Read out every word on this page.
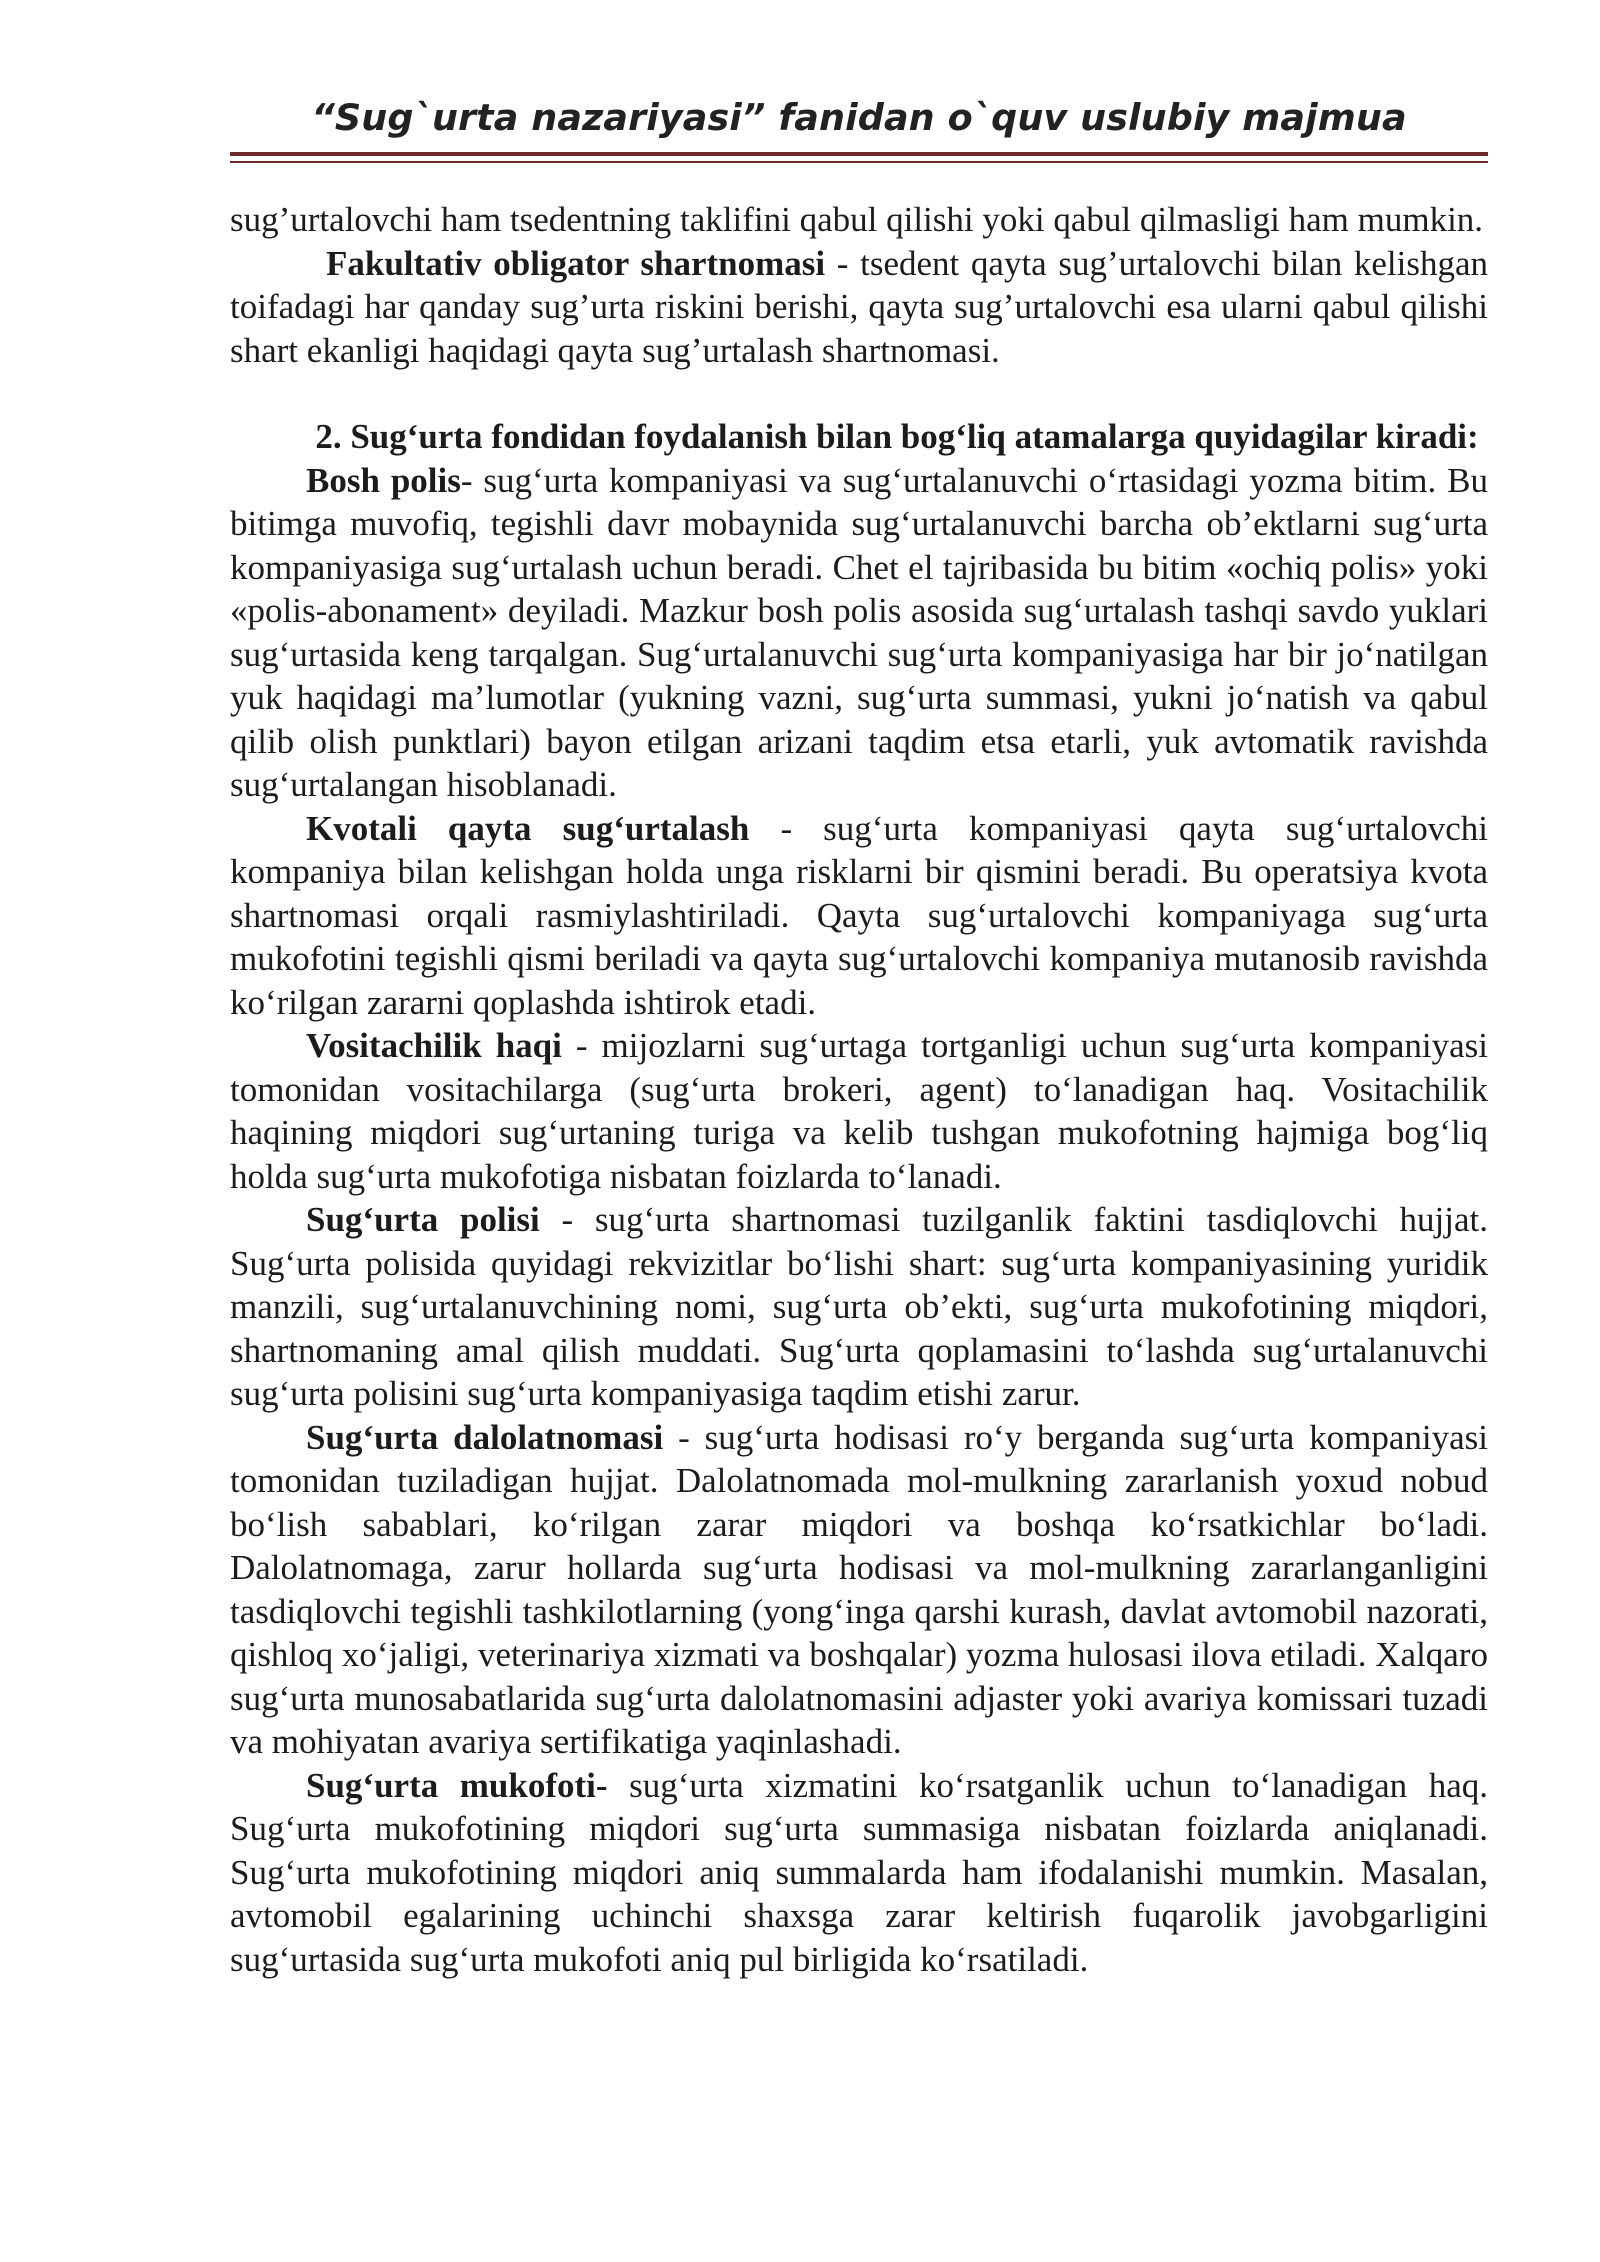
“Sug`urta nazariyasi” fanidan o`quv uslubiy majmua

sug’urtalovchi ham tsedentning taklifini qabul qilishi yoki qabul qilmasligi ham mumkin.

Fakultativ obligator shartnomasi - tsedent qayta sug’urtalovchi bilan kelishgan toifadagi har qanday sug’urta riskini berishi, qayta sug’urtalovchi esa ularni qabul qilishi shart ekanligi haqidagi qayta sug’urtalash shartnomasi.

2. Sug‘urta fondidan foydalanish bilan bog‘liq atamalarga quyidagilar kiradi:

Bosh polis- sug‘urta kompaniyasi va sug‘urtalanuvchi o‘rtasidagi yozma bitim. Bu bitimga muvofiq, tegishli davr mobaynida sug‘urtalanuvchi barcha ob’ektlarni sug‘urta kompaniyasiga sug‘urtalash uchun beradi. Chet el tajribasida bu bitim «ochiq polis» yoki «polis-abonament» deyiladi. Mazkur bosh polis asosida sug‘urtalash tashqi savdo yuklari sug‘urtasida keng tarqalgan. Sug‘urtalanuvchi sug‘urta kompaniyasiga har bir jo‘natilgan yuk haqidagi ma’lumotlar (yukning vazni, sug‘urta summasi, yukni jo‘natish va qabul qilib olish punktlari) bayon etilgan arizani taqdim etsa etarli, yuk avtomatik ravishda sug‘urtalangan hisoblanadi.

Kvotali qayta sug‘urtalash - sug‘urta kompaniyasi qayta sug‘urtalovchi kompaniya bilan kelishgan holda unga risklarni bir qismini beradi. Bu operatsiya kvota shartnomasi orqali rasmiylashtiriladi. Qayta sug‘urtalovchi kompaniyaga sug‘urta mukofotini tegishli qismi beriladi va qayta sug‘urtalovchi kompaniya mutanosib ravishda ko‘rilgan zararni qoplashda ishtirok etadi.

Vositachilik haqi - mijozlarni sug‘urtaga tortganligi uchun sug‘urta kompaniyasi tomonidan vositachilarga (sug‘urta brokeri, agent) to‘lanadigan haq. Vositachilik haqining miqdori sug‘urtaning turiga va kelib tushgan mukofotning hajmiga bog‘liq holda sug‘urta mukofotiga nisbatan foizlarda to‘lanadi.

Sug‘urta polisi - sug‘urta shartnomasi tuzilganlik faktini tasdiqlovchi hujjat. Sug‘urta polisida quyidagi rekvizitlar bo‘lishi shart: sug‘urta kompaniyasining yuridik manzili, sug‘urtalanuvchining nomi, sug‘urta ob’ekti, sug‘urta mukofotining miqdori, shartnomaning amal qilish muddati. Sug‘urta qoplamasini to‘lashda sug‘urtalanuvchi sug‘urta polisini sug‘urta kompaniyasiga taqdim etishi zarur.

Sug‘urta dalolatnomasi - sug‘urta hodisasi ro‘y berganda sug‘urta kompaniyasi tomonidan tuziladigan hujjat. Dalolatnomada mol-mulkning zararlanish yoxud nobud bo‘lish sabablari, ko‘rilgan zarar miqdori va boshqa ko‘rsatkichlar bo‘ladi. Dalolatnomaga, zarur hollarda sug‘urta hodisasi va mol-mulkning zararlanganligini tasdiqlovchi tegishli tashkilotlarning (yong‘inga qarshi kurash, davlat avtomobil nazorati, qishloq xo‘jaligi, veterinariya xizmati va boshqalar) yozma hulosasi ilova etiladi. Xalqaro sug‘urta munosabatlarida sug‘urta dalolatnomasini adjaster yoki avariya komissari tuzadi va mohiyatan avariya sertifikatiga yaqinlashadi.

Sug‘urta mukofoti- sug‘urta xizmatini ko‘rsatganlik uchun to‘lanadigan haq. Sug‘urta mukofotining miqdori sug‘urta summasiga nisbatan foizlarda aniqlanadi. Sug‘urta mukofotining miqdori aniq summalarda ham ifodalanishi mumkin. Masalan, avtomobil egalarining uchinchi shaxsga zarar keltirish fuqarolik javobgarligini sug‘urtasida sug‘urta mukofoti aniq pul birligida ko‘rsatiladi.
